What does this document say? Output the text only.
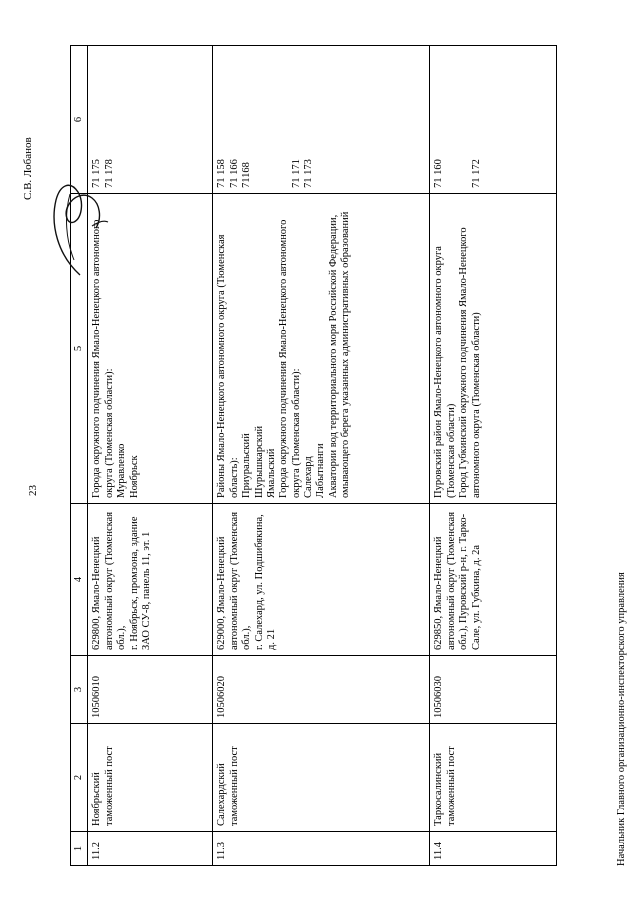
23
1	2	3	4	5	6
11.2	Ноябрьский таможенный пост	10506010	629800, Ямало-Ненецкий автономный округ (Тюменская обл.),
г. Ноябрьск, промзона, здание ЗАО СУ-8, панель 11, эт. 1	Города окружного подчинения Ямало-Ненецкого автономного округа (Тюменская области):
Муравленко
Ноябрьск	71 175
71 178
11.3	Салехардский таможенный пост	10506020	629000, Ямало-Ненецкий автономный округ (Тюменская обл.),
г. Салехард, ул. Подшибякина, д. 21	Районы Ямало-Ненецкого автономного округа (Тюменская область):
Приуральский
Шурышкарский
Ямальский
Города окружного подчинения Ямало-Ненецкого автономного округа (Тюменская области):
Салехард
Лабытнанги
Акватории вод территориального моря Российской Федерации, омывающего берега указанных административных образований	71 158
71 166
71168

71 171
71 173
11.4	Таркосалинский таможенный пост	10506030	629850, Ямало-Ненецкий автономный округ (Тюменская обл.), Пуровский р-н, г. Тарко-Сале, ул. Губкина, д. 2а	Пуровский район Ямало-Ненецкого автономного округа (Тюменская области)
Город Губкинский окружного подчинения Ямало-Ненецкого автономного округа (Тюменская области)	71 160

71 172
Начальник Главного организационно-инспекторского управления
С.В. Лобанов
